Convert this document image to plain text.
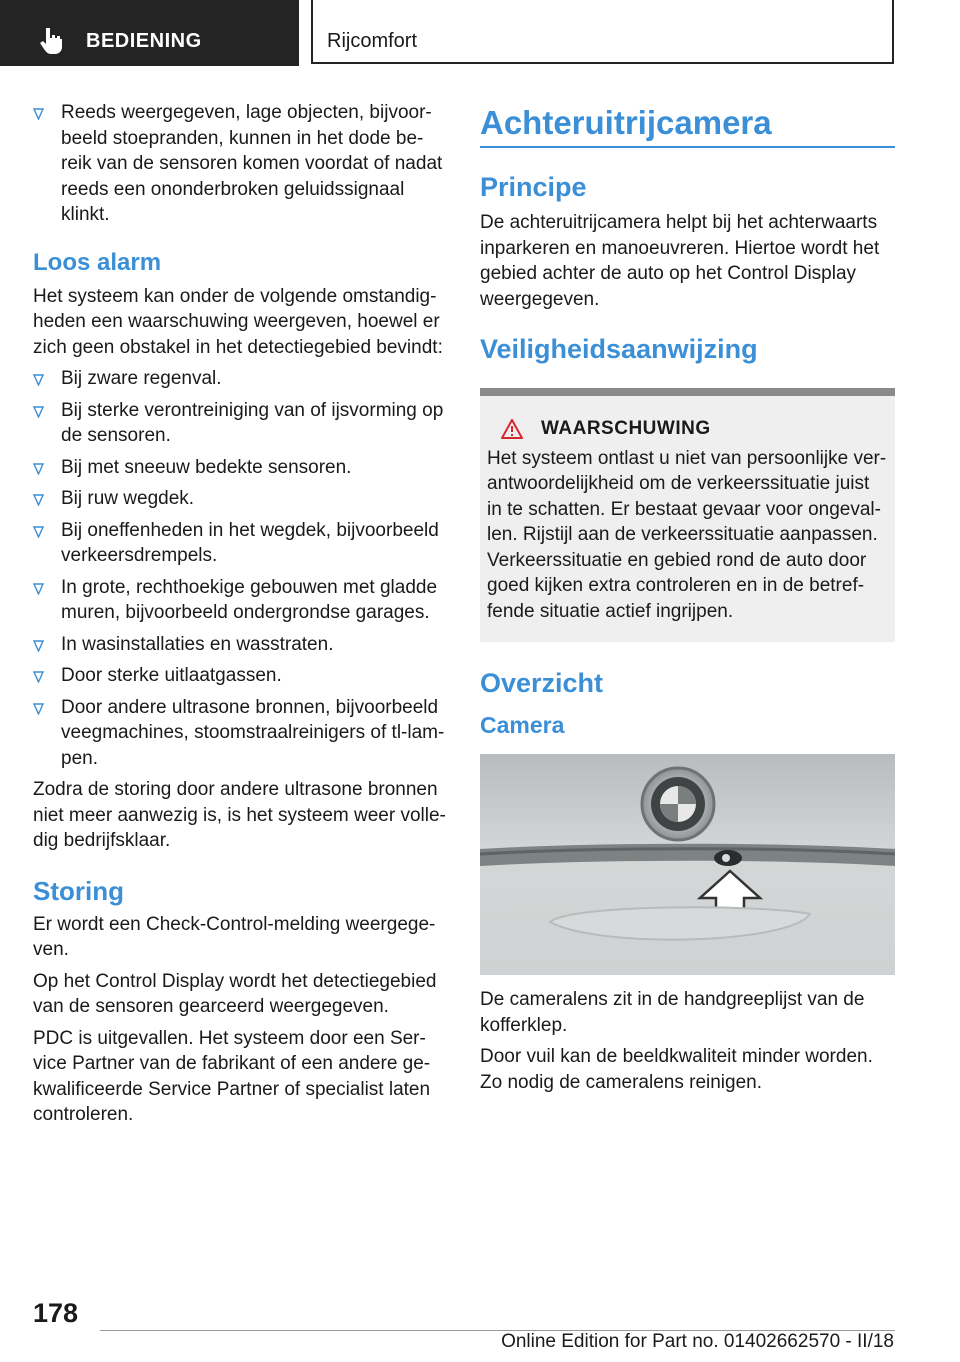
BEDIENING	Rijcomfort
Reeds weergegeven, lage objecten, bijvoor-beeld stoepranden, kunnen in het dode be-reik van de sensoren komen voordat of nadat reeds een ononderbroken geluidssignaal klinkt.
Loos alarm

Het systeem kan onder de volgende omstandig-heden een waarschuwing weergeven, hoewel er zich geen obstakel in het detectiegebied bevindt:

Bij zware regenval.
Bij sterke verontreiniging van of ijsvorming op de sensoren.
Bij met sneeuw bedekte sensoren.
Bij ruw wegdek.
Bij oneffenheden in het wegdek, bijvoorbeeld verkeersdrempels.
In grote, rechthoekige gebouwen met gladde muren, bijvoorbeeld ondergrondse garages.
In wasinstallaties en wasstraten.
Door sterke uitlaatgassen.
Door andere ultrasone bronnen, bijvoorbeeld veegmachines, stoomstraalreinigers of tl-lam-pen.

Zodra de storing door andere ultrasone bronnen niet meer aanwezig is, is het systeem weer volle-dig bedrijfsklaar.

Storing

Er wordt een Check-Control-melding weergege-ven.

Op het Control Display wordt het detectiegebied van de sensoren gearceerd weergegeven.

PDC is uitgevallen. Het systeem door een Ser-vice Partner van de fabrikant of een andere ge-kwalificeerde Service Partner of specialist laten controleren.

Achteruitrijcamera
Principe

De achteruitrijcamera helpt bij het achterwaarts inparkeren en manoeuvreren. Hiertoe wordt het gebied achter de auto op het Control Display weergegeven.

Veiligheidsaanwijzing
WAARSCHUWING

Het systeem ontlast u niet van persoonlijke ver-antwoordelijkheid om de verkeerssituatie juist in te schatten. Er bestaat gevaar voor ongeval-len. Rijstijl aan de verkeerssituatie aanpassen. Verkeerssituatie en gebied rond de auto door goed kijken extra controleren en in de betref-fende situatie actief ingrijpen.

Overzicht
Camera

De cameralens zit in de handgreeplijst van de kofferklep.

Door vuil kan de beeldkwaliteit minder worden. Zo nodig de cameralens reinigen.

178
Online Edition for Part no. 01402662570 - II/18
